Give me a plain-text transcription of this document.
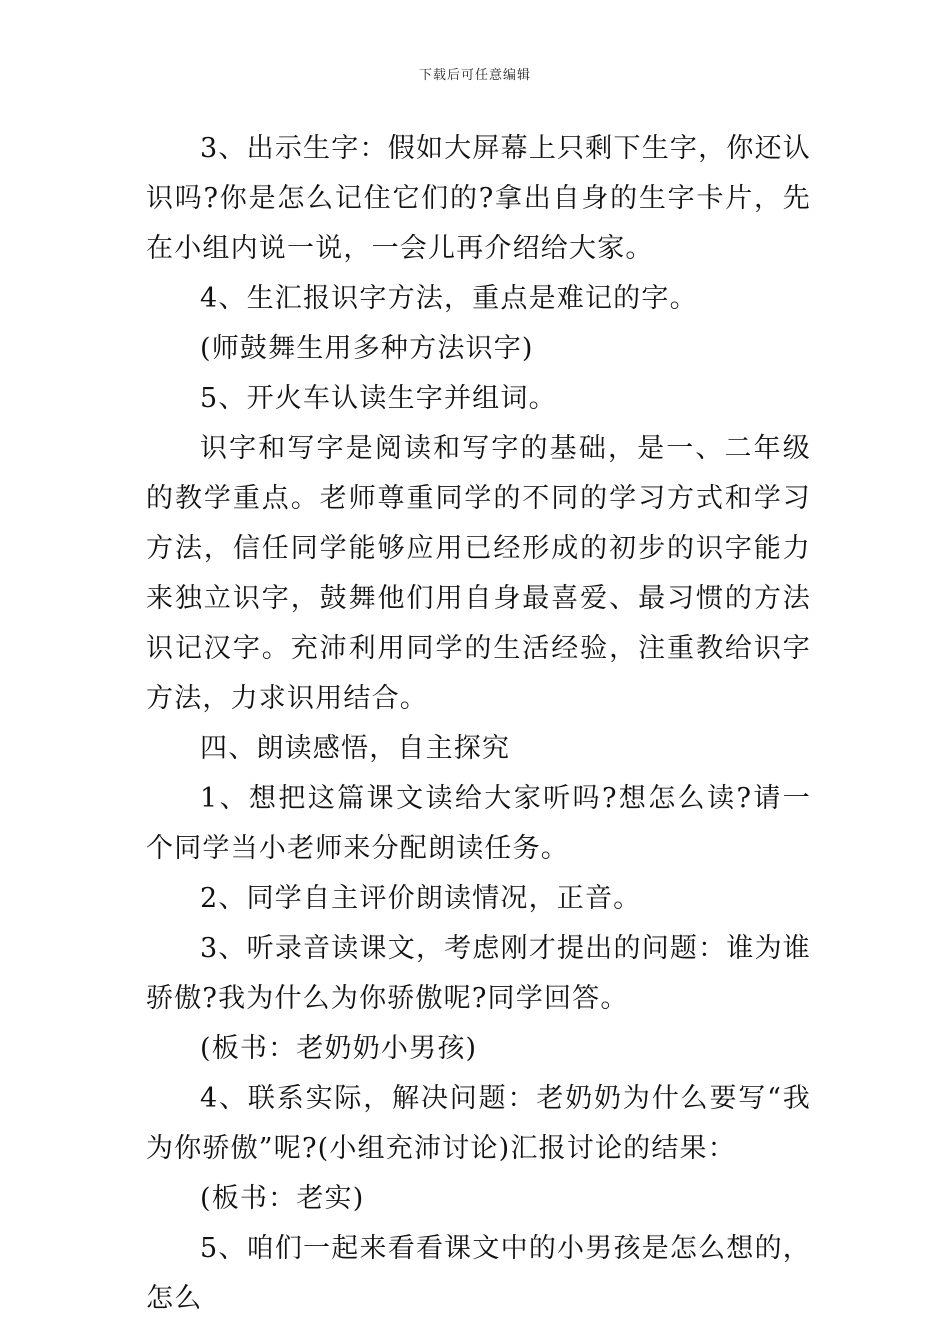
下载后可任意编辑

3、出示生字：假如大屏幕上只剩下生字，你还认识吗?你是怎么记住它们的?拿出自身的生字卡片，先在小组内说一说，一会儿再介绍给大家。

4、生汇报识字方法，重点是难记的字。

(师鼓舞生用多种方法识字)

5、开火车认读生字并组词。

识字和写字是阅读和写字的基础，是一、二年级的教学重点。老师尊重同学的不同的学习方式和学习方法，信任同学能够应用已经形成的初步的识字能力来独立识字，鼓舞他们用自身最喜爱、最习惯的方法识记汉字。充沛利用同学的生活经验，注重教给识字方法，力求识用结合。

四、朗读感悟，自主探究

1、想把这篇课文读给大家听吗?想怎么读?请一个同学当小老师来分配朗读任务。

2、同学自主评价朗读情况，正音。

3、听录音读课文，考虑刚才提出的问题：谁为谁骄傲?我为什么为你骄傲呢?同学回答。

(板书：老奶奶小男孩)

4、联系实际，解决问题：老奶奶为什么要写“我为你骄傲”呢?(小组充沛讨论)汇报讨论的结果：

(板书：老实)

5、咱们一起来看看课文中的小男孩是怎么想的，怎么
